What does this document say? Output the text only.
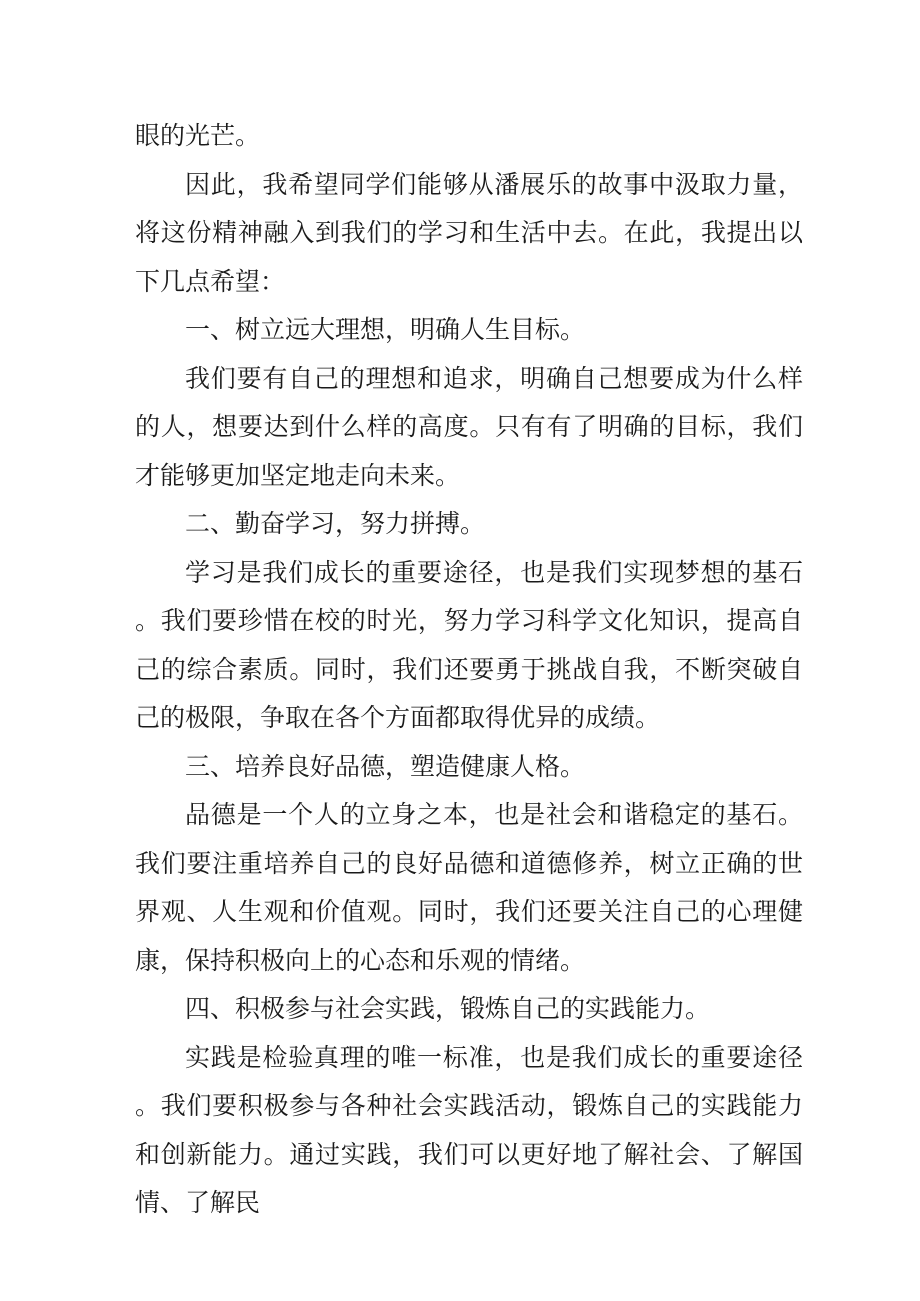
眼的光芒。

因此，我希望同学们能够从潘展乐的故事中汲取力量，将这份精神融入到我们的学习和生活中去。在此，我提出以下几点希望：

一、树立远大理想，明确人生目标。

我们要有自己的理想和追求，明确自己想要成为什么样的人，想要达到什么样的高度。只有有了明确的目标，我们才能够更加坚定地走向未来。

二、勤奋学习，努力拼搏。

学习是我们成长的重要途径，也是我们实现梦想的基石。我们要珍惜在校的时光，努力学习科学文化知识，提高自己的综合素质。同时，我们还要勇于挑战自我，不断突破自己的极限，争取在各个方面都取得优异的成绩。

三、培养良好品德，塑造健康人格。

品德是一个人的立身之本，也是社会和谐稳定的基石。我们要注重培养自己的良好品德和道德修养，树立正确的世界观、人生观和价值观。同时，我们还要关注自己的心理健康，保持积极向上的心态和乐观的情绪。

四、积极参与社会实践，锻炼自己的实践能力。

实践是检验真理的唯一标准，也是我们成长的重要途径。我们要积极参与各种社会实践活动，锻炼自己的实践能力和创新能力。通过实践，我们可以更好地了解社会、了解国情、了解民
